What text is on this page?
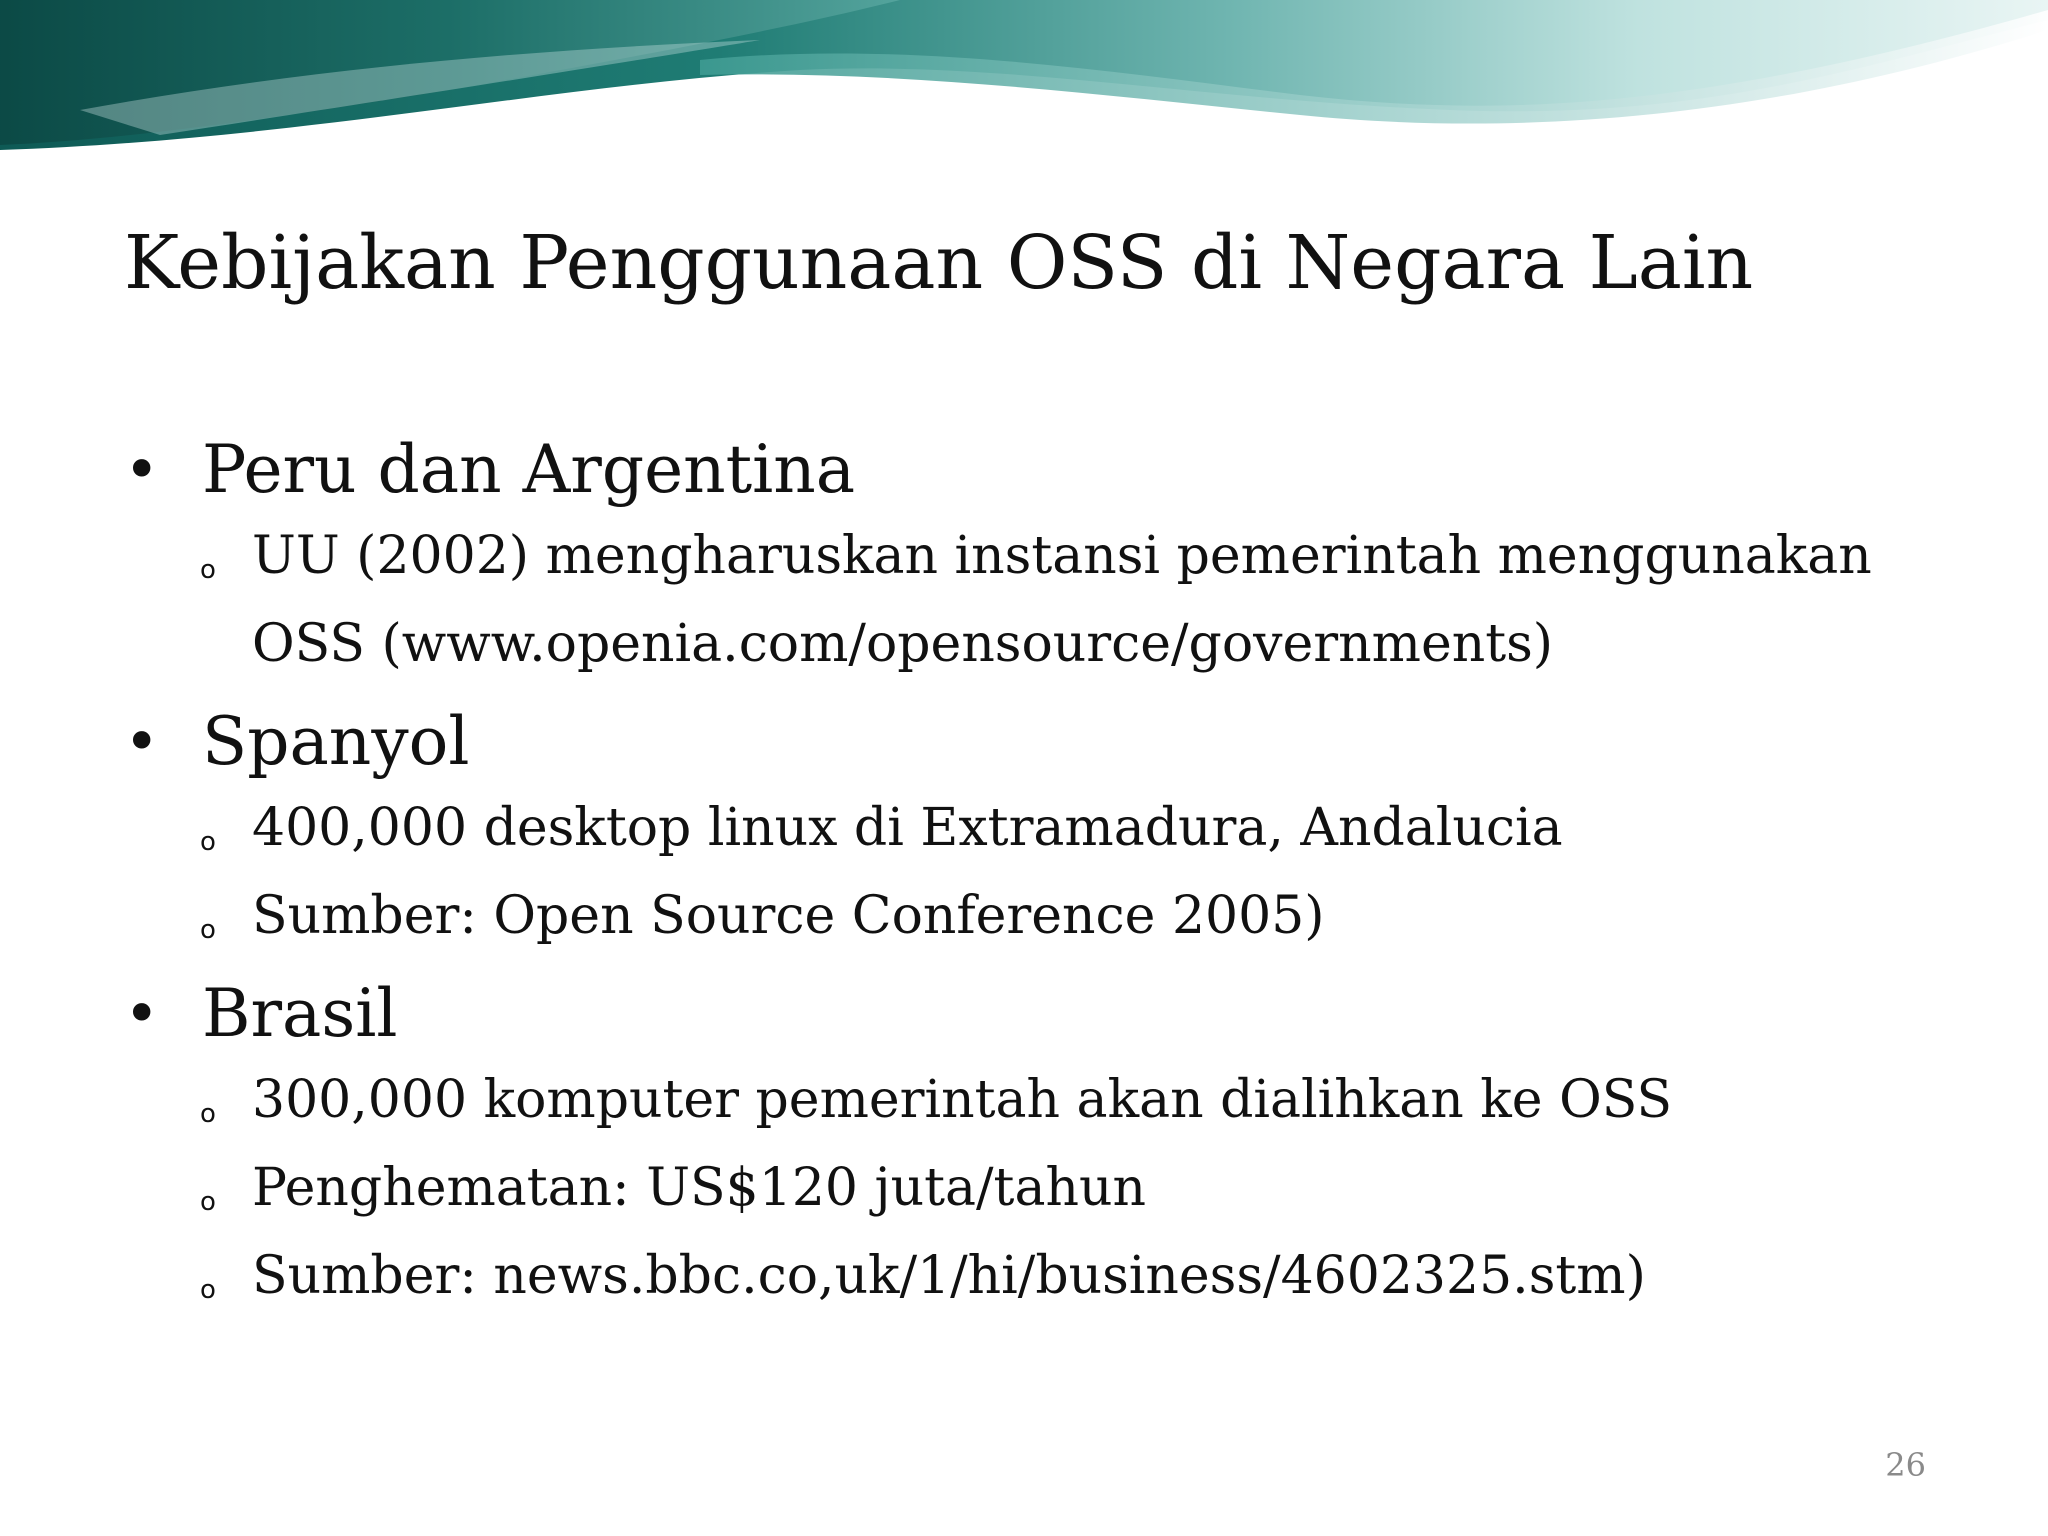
Kebijakan Penggunaan OSS di Negara Lain
• Peru dan Argentina
o UU (2002) mengharuskan instansi pemerintah menggunakan
OSS (www.openia.com/opensource/governments)
• Spanyol
o 400,000 desktop linux di Extramadura, Andalucia
o Sumber: Open Source Conference 2005)
• Brasil
o 300,000 komputer pemerintah akan dialihkan ke OSS
o Penghematan: US$120 juta/tahun
o Sumber: news.bbc.co,uk/1/hi/business/4602325.stm)
26
